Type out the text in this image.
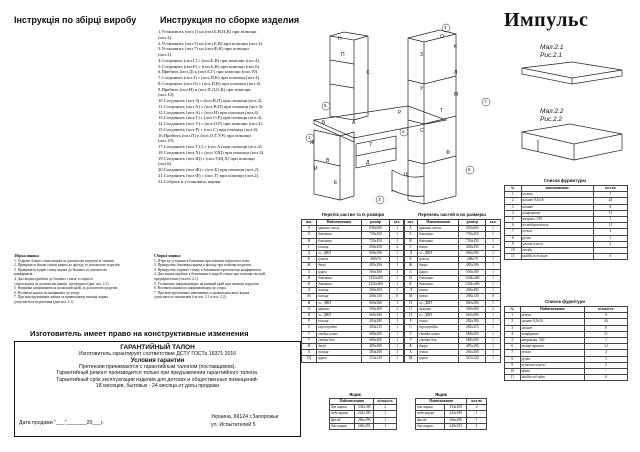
Інструкція по збірці виробу	Инструкция по сборке изделия	Импульс
1.Установить (поз.1) на (поз.Б,В,П,К) при помощи
(поз.2).
2.Установить (поз.5) на (поз.Б,В) при помощи (поз.2).
3.Установить (поз.7) на (поз.Ф,К) при помощи
(поз.2).
4.Соединить (поз.Г) с (поз.Б,В) при помощи (поз.4).
5.Соединить (поз.Е) с (поз.Б,В) при помощи (поз.6).
6.Прибить (поз.Д) к (поз.Б,Г) при помощи (поз.10).
7.Соединить (поз.З) с (поз.П,К) при помощи (поз.4).
8.Соединить (поз.О) с (поз.П,К) при помощи (поз.4).
9.Прибить (поз.Н) к (поз.П,Л,О,К) при помощи
(поз.10).
10.Соединить (поз.З) с (поз.В,П) при помощи (поз.4).
11.Соединить (поз.А) с (поз.В,П) при помощи (поз.3).
12.Соединить (поз.А) с (поз.Н) при помощи (поз.4).
13.Соединить (поз.Т) с (поз.О,Р) при помощи (поз.4).
14.Соединить (поз.У) с (поз.О,Р) при помощи (поз.4).
15.Соединить (поз.Р) с (поз.С) при помощи (поз.4).
16.Прибить (поз.П) к (поз.О,Т,У,Р) при помощи
(поз.10).
17.Соединить (поз.Т,С) с (поз.А) при помощи (поз.4).
18.Соединить (поз.Х) с (поз.У,Щ) при помощи (поз.4).
19.Соединить (поз.Щ) с (поз.У,Щ,Х) при помощи
(поз.6).
20.Соединить (поз.Ж) с (поз.Б) при помощи (поз.2).
21.Соединить (поз.Ф) с (поз.Т) при помощи (поз.2).
22.Собрать и установить ящики.
Збірка ящика
1. З'єднати бокові стінки ящика за допомогою шурупів зі стінкою.
2. Прикріпити бокові стінки ящика до фасаду за допомогою шурупів.
3. Прикріпити задню стінку ящика до бокових за допомогою
конфірматів.
4. Дно ящика прибити до бокових стінок та задньої
стінки ящика за допомогою цвяхів, попередньо (див. поз. 2.1).
5. Напрямні направляються на нижній край, за допомогою шурупів.
6. Вставити ящики по напрямних до упору.
7. При конструктивних змінах та правильному вигляді ящика
допускається відхилення (див.поз. 2.1).
Сборка ящика
1. Ф фасад установить боковины при помощи шурупов и клея.
2. Прикрутить боковины ящика к фасаду при помощи шурупов.
3. Прикрутить заднюю стенку к боковинам при помощи конфирматов.
4. Дно ящика прибить к боковинам и задней стенке при помощи гвоздей,
предварительно (см.поз. 2.1).
5. Установить направляющие на нижний край при помощи шурупов.
6. Вставить ящики по направляющим до упора.
7. При конструктивных изменениях и правильном виде ящика
допускается отклонение (см.поз. 2.1 и поз. 2.2).
П
Х
З
У
Т
С
Ф
Щ
А
Б
Ж
В
Е
Г
Д
К
Л
М
О
Н
Р
И
4
7
5
1
2
6
3
Мал.2.1
Рис.2.1
Мал.2.2
Рис.2.2
Перелік частин та їх розміри
поз.	Найменування	розмір	кіл.
А	кришка столу	830х600	1
Б	боковина	730х450	1
В	боковина	730х450	1
Г	полиця	268х450	2
Д	з.с. ДВП	660х296	1
Е	цоколь	268х70	1
Ж	двері	485х296	1
З	царга	500х300	1
И	боковина	1434х400	1
К	боковина	1434х400	1
Л	полиця	268х400	1
М	полиця	268х130	8
Н	з.с. ДВП	860х286	1
О	кришка	300х400	2
П	з.с. ДВП	660х286	1
Р	полиця	284х200	1
С	перегородка	284х215	1
Т	стійка пенал	688х200	1
У	стійка бок.	688х200	1
Ф	двері	485х296	1
Х	полиця	284х200	1
Щ	царга	523х120	1
Перечень частей и их размеры
поз.	Наименование	размер	кол.
А	крышка стола	830х600	1
Б	боковина	730х450	1
В	боковина	730х450	1
Г	полка	268х450	2
Д	з.с. ДВП	660х296	1
Е	цоколь	268х70	1
Ж	дверь	485х296	1
З	царга	500х300	1
И	боковина	1434х400	1
К	боковина	1434х400	1
Л	полка	268х400	1
М	полка	268х130	8
Н	з.с. ДВП	860х286	1
О	крышка	300х400	2
П	з.с. ДВП	660х286	1
Р	полка	284х200	1
С	перегородка	284х215	1
Т	стойка пенал	688х200	1
У	стойка бок.	688х200	1
Ф	дверь	485х296	1
Х	полка	284х200	1
Щ	царга	523х120	1
Ящик
Найменування		кількість
бок ящика	334х100	2
задн.ящика	242х100	1
фасад	266х296	1
дно ящика	240х355	1
Ящик
Наименование		кол-во
бок ящика	334х100	2
задн.ящика	242х100	1
фасад	266х296	1
дно ящика	240х355	1
Список фурнитуры
№	наименование	кол-во
1	ножка	5
2	шкант 8,5х16	44
3	шкант	8
4	конфирмат	51
5	направл. 350	1
6	полкодержатель	12
7	петля	4
8	ручка	3
9	уголок пласт.	2
10	гвозди	-
11	шайба под винт	6
Список фурнітури
№	Найменування	кількість
1	ніжка	8
2	шкант 8,5х16	44
3	шкант	8
4	конфірмат	51
5	направлян. 350	1
6	полицетримач	12
7	петля	4
8	ручка	3
9	куточок пласт.	2
10	цвяхи	-
11	шайба під вінт	6
Изготовитель имеет право на конструктивные изменения
ГАРАНТИЙНЫЙ ТАЛОН
Изготовитель гарантирует соответствие ДСТУ ГОСТа 16371:2016
Условия гарантии
Претензии принимаются с гарантийным талоном (поставщиком).
Гарантийный ремонт производится только при предъявлении гарантийного талона.
Гарантийный срок эксплуатации изделия для детских и общественных помещений-
18 месяцев, бытовых - 24 месяца от даты продажи
Дата продажи "___"_______20___г.
Украина, 69124 г.Запорожье
ул. Испытателей 5
